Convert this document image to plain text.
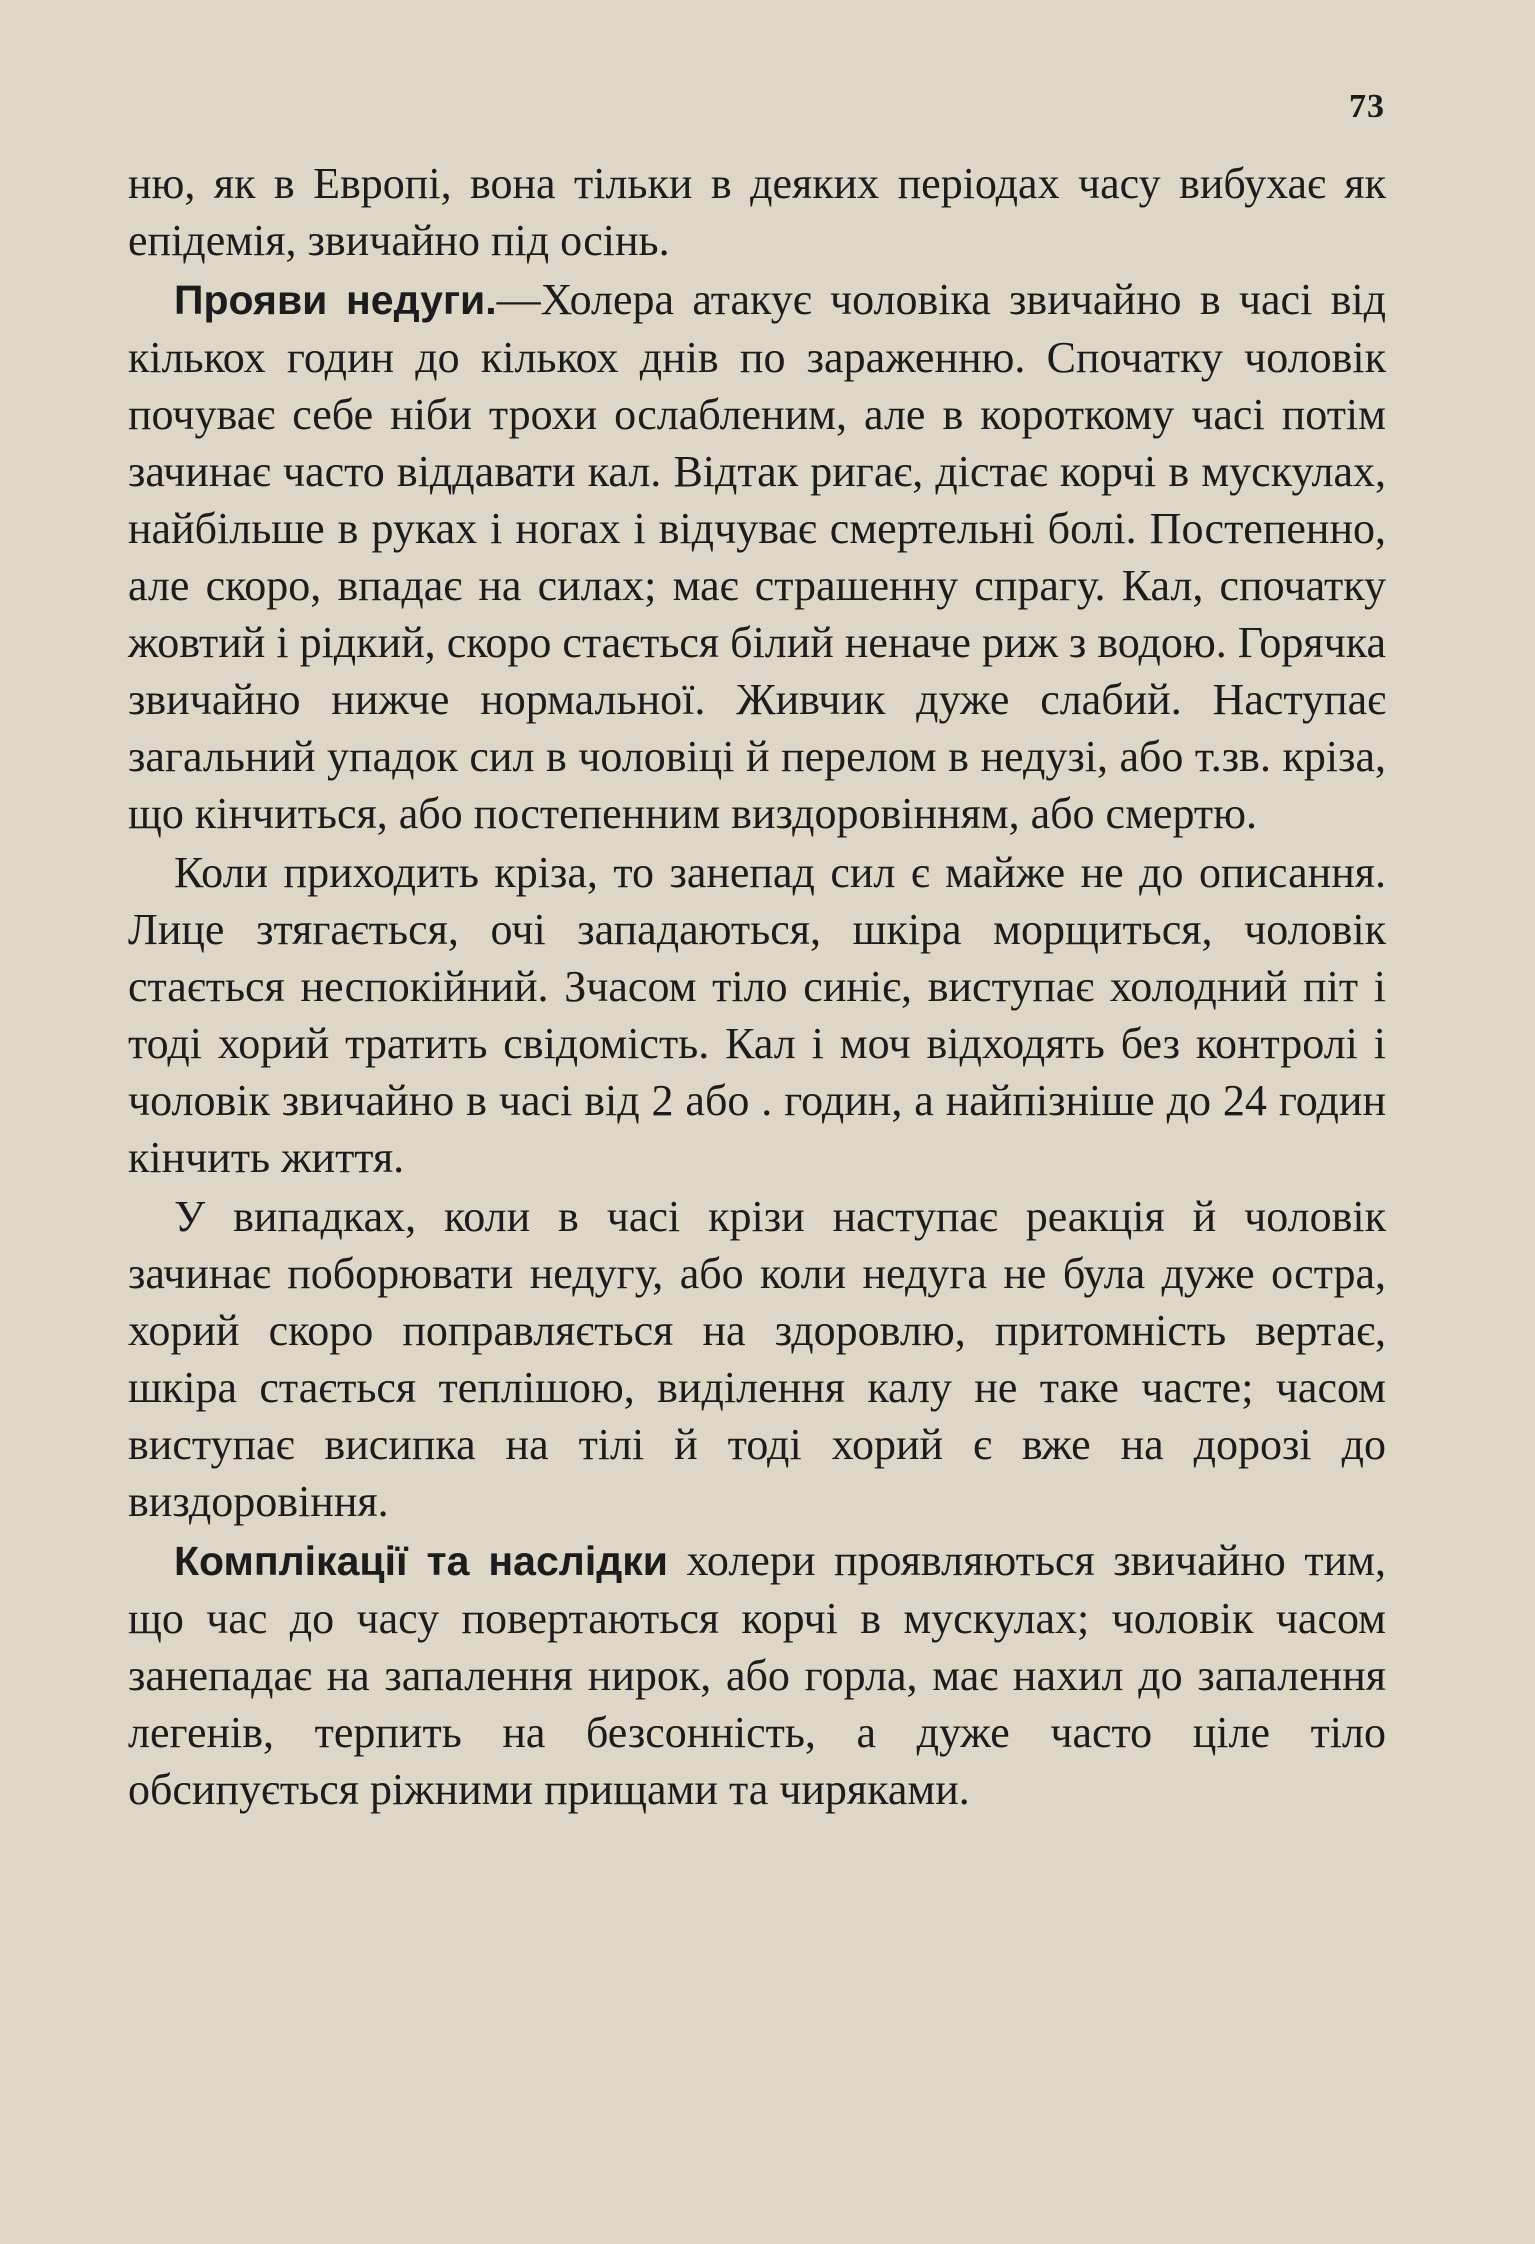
73

ню, як в Европі, вона тільки в деяких періодах часу вибухає як епідемія, звичайно під осінь.

Прояви недуги.—Холера атакує чоловіка звичайно в часі від кількох годин до кількох днів по зараженню. Спочатку чоловік почуває себе ніби трохи ослабленим, але в короткому часі потім зачинає часто віддавати кал. Відтак ригає, дістає корчі в мускулах, найбільше в руках і ногах і відчуває смертельні болі. Постепенно, але скоро, впадає на силах; має страшенну спрагу. Кал, спочатку жовтий і рідкий, скоро стається білий неначе риж з водою. Горячка звичайно нижче нормальної. Живчик дуже слабий. Наступає загальний упадок сил в чоловіці й перелом в недузі, або т.зв. кріза, що кінчиться, або постепенним виздоровінням, або смертю.

Коли приходить кріза, то занепад сил є майже не до описання. Лице зтягається, очі западаються, шкіра морщиться, чоловік стається неспокійний. Зчасом тіло синіє, виступає холодний піт і тоді хорий тратить свідомість. Кал і моч відходять без контролі і чоловік звичайно в часі від 2 або . годин, а найпізніше до 24 годин кінчить життя.

У випадках, коли в часі крізи наступає реакція й чоловік зачинає поборювати недугу, або коли недуга не була дуже остра, хорий скоро поправляється на здоровлю, притомність вертає, шкіра стається теплішою, виділення калу не таке часте; часом виступає висипка на тілі й тоді хорий є вже на дорозі до виздоровіння.

Комплікації та наслідки холери проявляються звичайно тим, що час до часу повертаються корчі в мускулах; чоловік часом занепадає на запалення нирок, або горла, має нахил до запалення легенів, терпить на безсонність, а дуже часто ціле тіло обсипується ріжними прищами та чиряками.
